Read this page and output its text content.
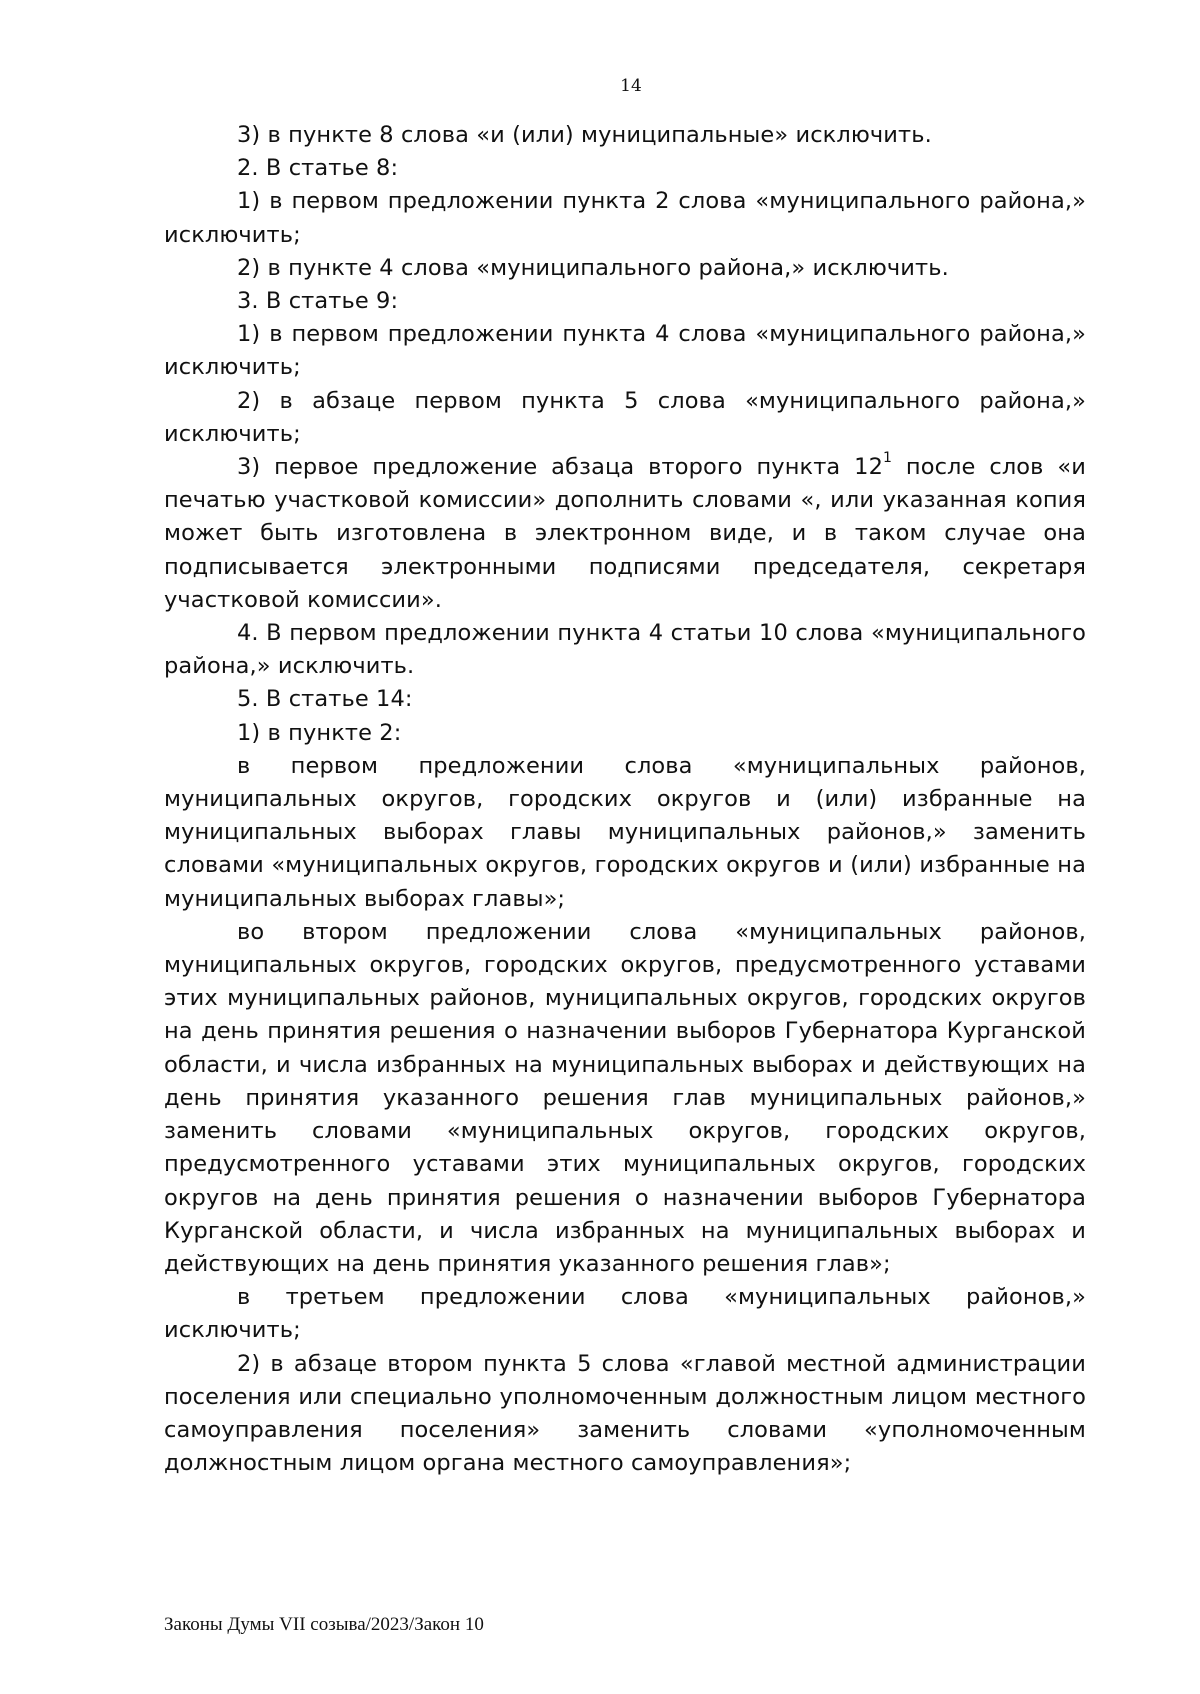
14

3) в пункте 8 слова «и (или) муниципальные» исключить.

2. В статье 8:

1) в первом предложении пункта 2 слова «муниципального района,» исключить;

2) в пункте 4 слова «муниципального района,» исключить.

3. В статье 9:

1) в первом предложении пункта 4 слова «муниципального района,» исключить;

2) в абзаце первом пункта 5 слова «муниципального района,» исключить;

3) первое предложение абзаца второго пункта $12^1$ после слов «и печатью участковой комиссии» дополнить словами «, или указанная копия может быть изготовлена в электронном виде, и в таком случае она подписывается электронными подписями председателя, секретаря участковой комиссии».

4. В первом предложении пункта 4 статьи 10 слова «муниципального района,» исключить.

5. В статье 14:

1) в пункте 2:

в первом предложении слова «муниципальных районов, муниципальных округов, городских округов и (или) избранные на муниципальных выборах главы муниципальных районов,» заменить словами «муниципальных округов, городских округов и (или) избранные на муниципальных выборах главы»;

во втором предложении слова «муниципальных районов, муниципальных округов, городских округов, предусмотренного уставами этих муниципальных районов, муниципальных округов, городских округов на день принятия решения о назначении выборов Губернатора Курганской области, и числа избранных на муниципальных выборах и действующих на день принятия указанного решения глав муниципальных районов,» заменить словами «муниципальных округов, городских округов, предусмотренного уставами этих муниципальных округов, городских округов на день принятия решения о назначении выборов Губернатора Курганской области, и числа избранных на муниципальных выборах и действующих на день принятия указанного решения глав»;

в третьем предложении слова «муниципальных районов,» исключить;

2) в абзаце втором пункта 5 слова «главой местной администрации поселения или специально уполномоченным должностным лицом местного самоуправления поселения» заменить словами «уполномоченным должностным лицом органа местного самоуправления»;

Законы Думы VII созыва/2023/Закон 10
